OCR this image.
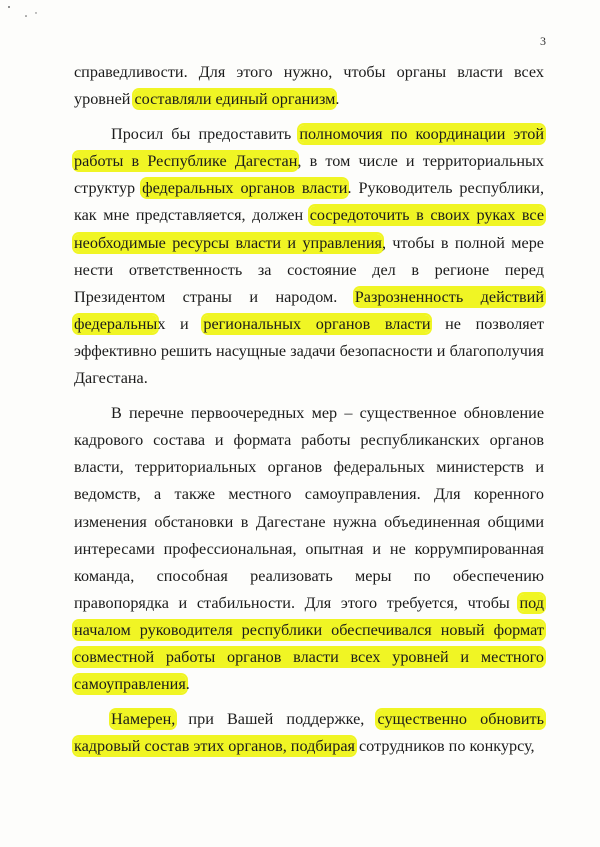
3
справедливости. Для этого нужно, чтобы органы власти всех
уровней составляли единый организм.
Просил бы предоставить полномочия по координации этой
работы в Республике Дагестан, в том числе и территориальных
структур федеральных органов власти. Руководитель республики,
как мне представляется, должен сосредоточить в своих руках все
необходимые ресурсы власти и управления, чтобы в полной мере
нести ответственность за состояние дел в регионе перед
Президентом страны и народом. Разрозненность действий
федеральных и региональных органов власти не позволяет
эффективно решить насущные задачи безопасности и благополучия
Дагестана.
В перечне первоочередных мер – существенное обновление
кадрового состава и формата работы республиканских органов
власти, территориальных органов федеральных министерств и
ведомств, а также местного самоуправления. Для коренного
изменения обстановки в Дагестане нужна объединенная общими
интересами профессиональная, опытная и не коррумпированная
команда, способная реализовать меры по обеспечению
правопорядка и стабильности. Для этого требуется, чтобы под
началом руководителя республики обеспечивался новый формат
совместной работы органов власти всех уровней и местного
самоуправления.
Намерен, при Вашей поддержке, существенно обновить
кадровый состав этих органов, подбирая сотрудников по конкурсу,
